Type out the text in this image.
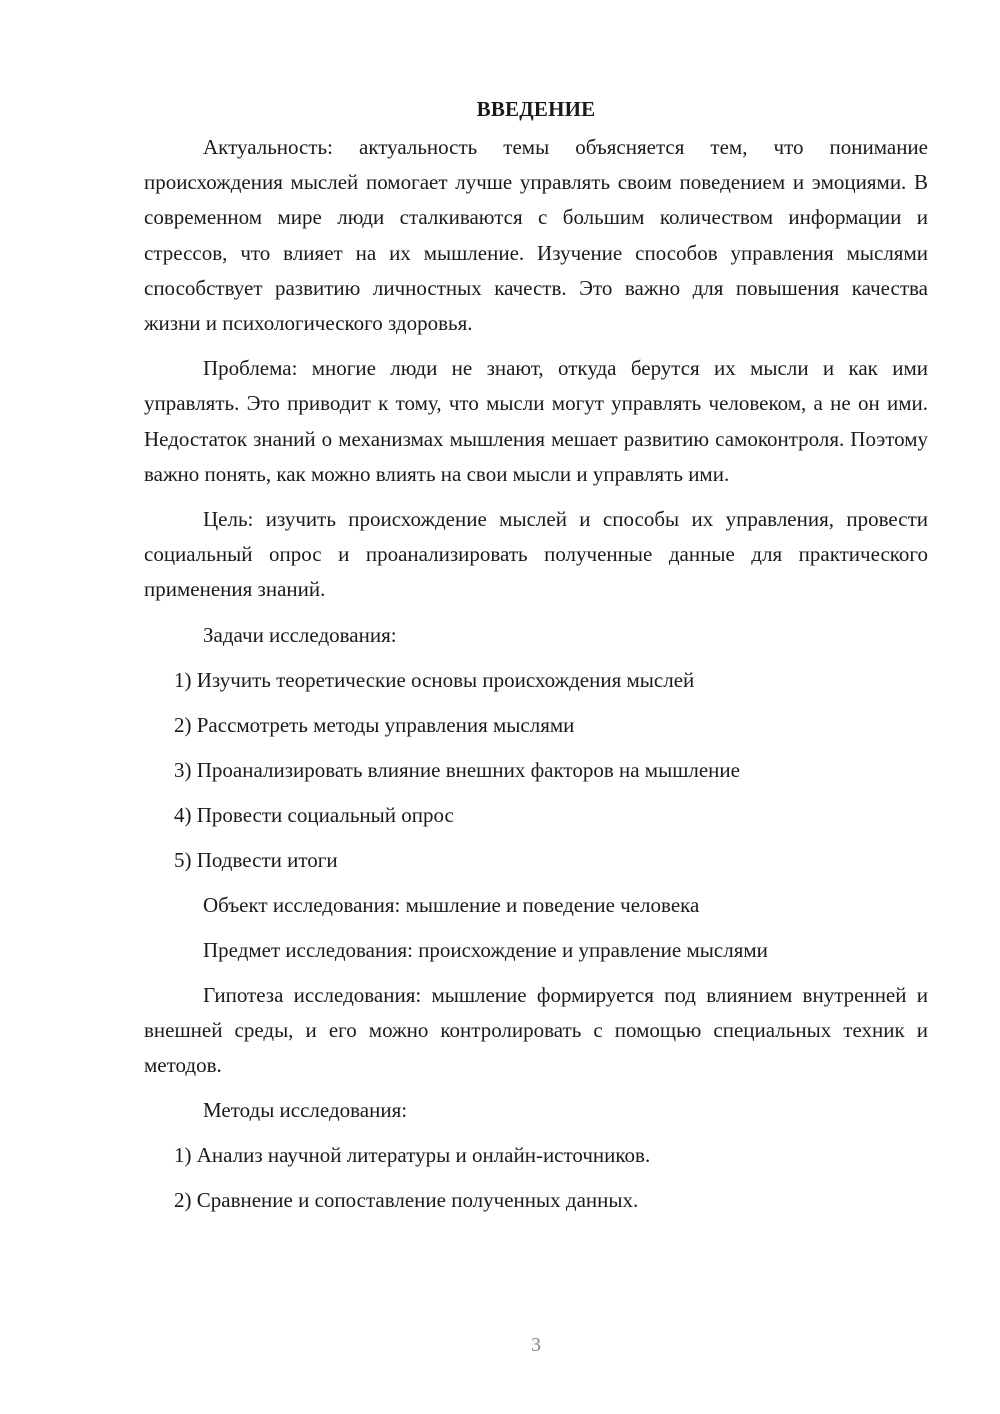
ВВЕДЕНИЕ

Актуальность: актуальность темы объясняется тем, что понимание происхождения мыслей помогает лучше управлять своим поведением и эмоциями. В современном мире люди сталкиваются с большим количеством информации и стрессов, что влияет на их мышление. Изучение способов управления мыслями способствует развитию личностных качеств. Это важно для повышения качества жизни и психологического здоровья.

Проблема: многие люди не знают, откуда берутся их мысли и как ими управлять. Это приводит к тому, что мысли могут управлять человеком, а не он ими. Недостаток знаний о механизмах мышления мешает развитию самоконтроля. Поэтому важно понять, как можно влиять на свои мысли и управлять ими.

Цель: изучить происхождение мыслей и способы их управления, провести социальный опрос и проанализировать полученные данные для практического применения знаний.

Задачи исследования:

1) Изучить теоретические основы происхождения мыслей

2) Рассмотреть методы управления мыслями

3) Проанализировать влияние внешних факторов на мышление

4) Провести социальный опрос

5) Подвести итоги

Объект исследования: мышление и поведение человека

Предмет исследования: происхождение и управление мыслями

Гипотеза исследования: мышление формируется под влиянием внутренней и внешней среды, и его можно контролировать с помощью специальных техник и методов.

Методы исследования:

1) Анализ научной литературы и онлайн-источников.

2) Сравнение и сопоставление полученных данных.

3
